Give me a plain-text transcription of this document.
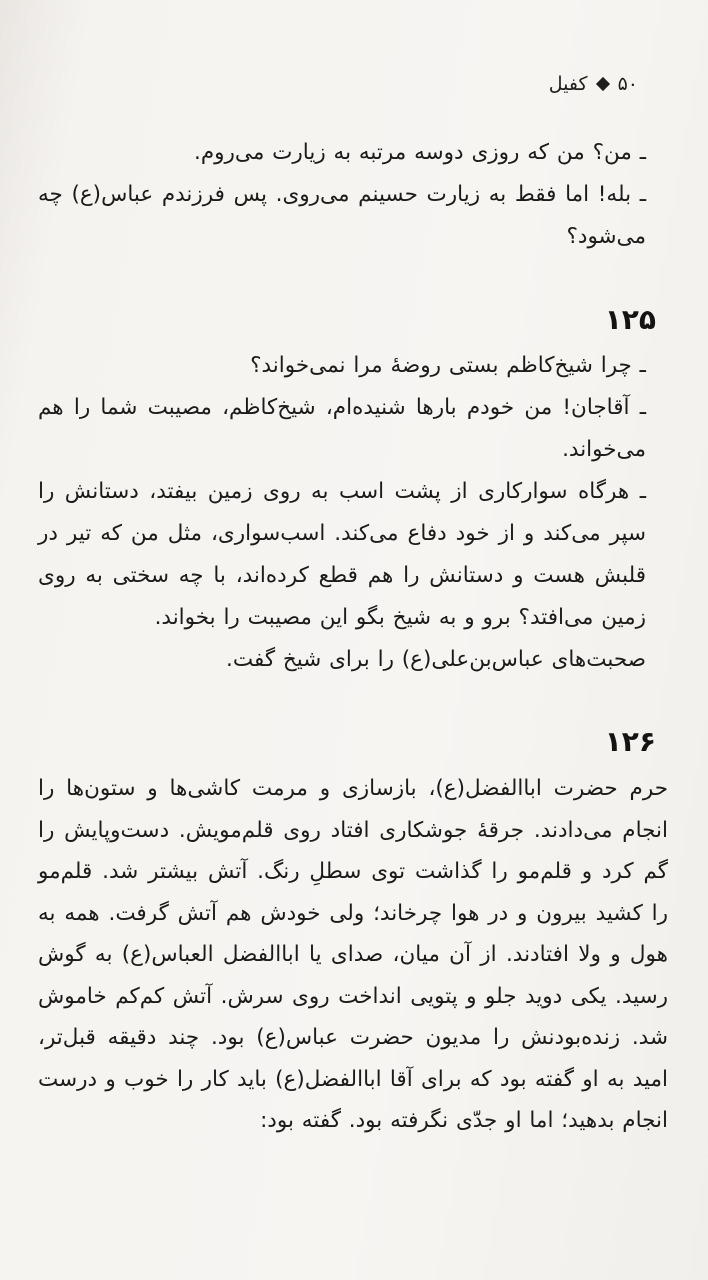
۵۰
کفیل

ـ من؟ من که روزی دوسه مرتبه به زیارت می‌روم.

ـ بله! اما فقط به زیارت حسینم می‌روی. پس فرزندم عباس(ع) چه می‌شود؟

۱۲۵

ـ چرا شیخ‌کاظم بستی روضهٔ مرا نمی‌خواند؟

ـ آقاجان! من خودم بارها شنیده‌ام، شیخ‌کاظم، مصیبت شما را هم می‌خواند.

ـ هرگاه سوارکاری از پشت اسب به روی زمین بیفتد، دستانش را سپر می‌کند و از خود دفاع می‌کند. اسب‌سواری، مثل من که تیر در قلبش هست و دستانش را هم قطع کرده‌اند، با چه سختی به روی زمین می‌افتد؟ برو و به شیخ بگو این مصیبت را بخواند.

صحبت‌های عباس‌بن‌علی(ع) را برای شیخ گفت.

۱۲۶

حرم حضرت اباالفضل(ع)، بازسازی و مرمت کاشی‌ها و ستون‌ها را انجام می‌دادند. جرقهٔ جوشکاری افتاد روی قلم‌مویش. دست‌وپایش را گم کرد و قلم‌مو را گذاشت توی سطلِ رنگ. آتش بیشتر شد. قلم‌مو را کشید بیرون و در هوا چرخاند؛ ولی خودش هم آتش گرفت. همه به هول و ولا افتادند. از آن میان، صدای یا اباالفضل العباس(ع) به گوش رسید. یکی دوید جلو و پتویی انداخت روی سرش. آتش کم‌کم خاموش شد. زنده‌بودنش را مدیون حضرت عباس(ع) بود. چند دقیقه قبل‌تر، امید به او گفته بود که برای آقا اباالفضل(ع) باید کار را خوب و درست انجام بدهید؛ اما او جدّی نگرفته بود. گفته بود:
